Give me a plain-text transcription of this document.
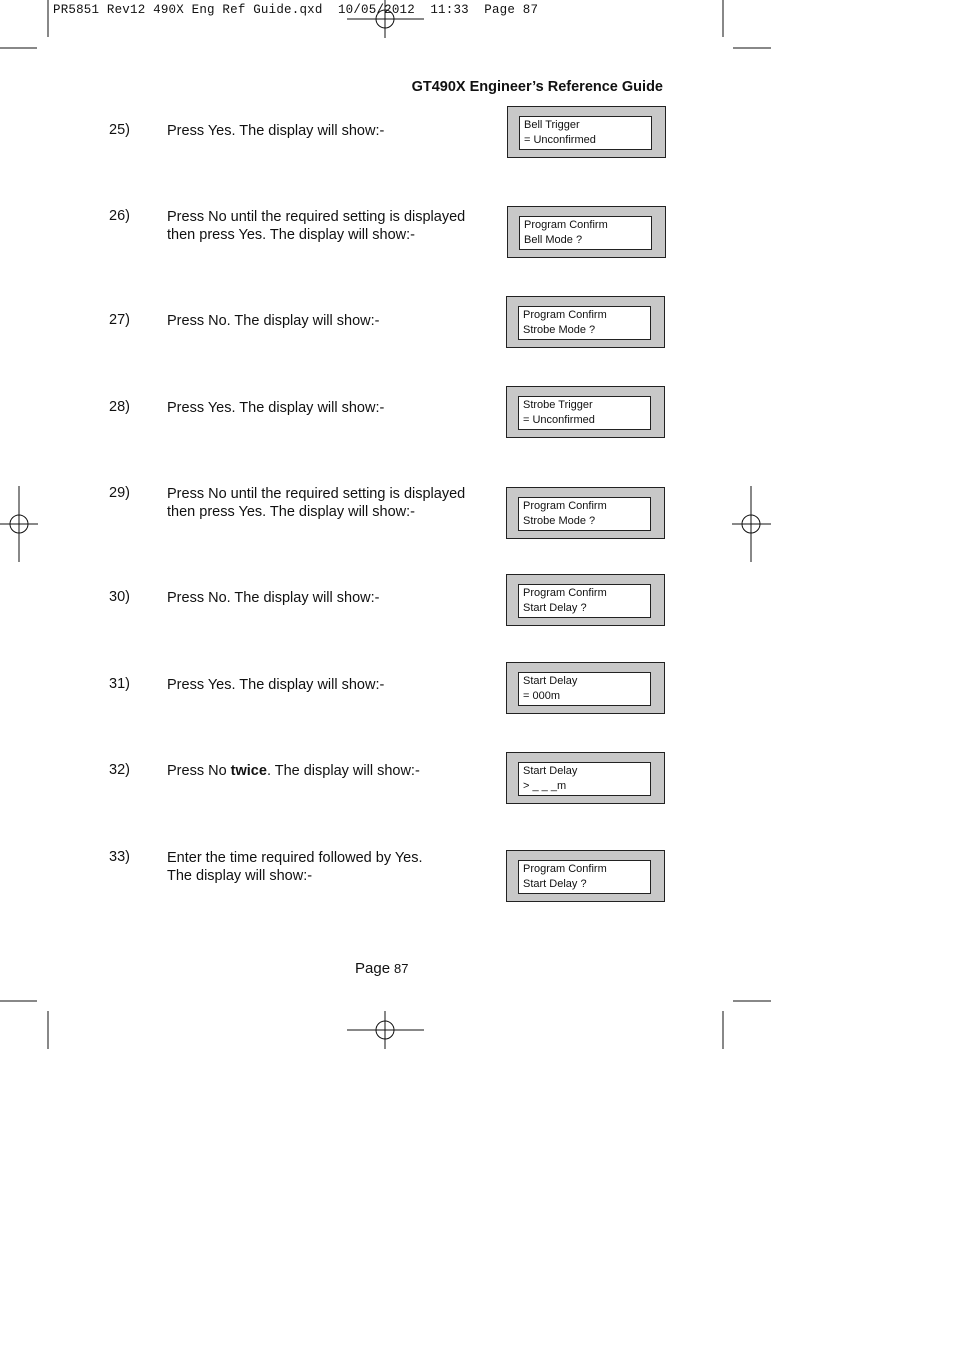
PR5851 Rev12 490X Eng Ref Guide.qxd  10/05/2012  11:33  Page 87
GT490X Engineer’s Reference Guide
25)	Press Yes. The display will show:-	Bell Trigger
= Unconfirmed
26)	Press No until the required setting is displayed
then press Yes. The display will show:-
Program Confirm
Bell Mode ?
27)	Press No. The display will show:-	Program Confirm
Strobe Mode ?
28)	Press Yes. The display will show:-	Strobe Trigger
= Unconfirmed
29)	Press No until the required setting is displayed
then press Yes. The display will show:-	Program Confirm
Strobe Mode ?
30)	Press No. The display will show:-	Program Confirm
Start Delay ?
31)	Press Yes. The display will show:-	Start Delay
= 000m
32)	Press No twice. The display will show:-	Start Delay
> _ _ _m
33)	Enter the time required followed by Yes.
The display will show:-	Program Confirm
Start Delay ?
Page 87
